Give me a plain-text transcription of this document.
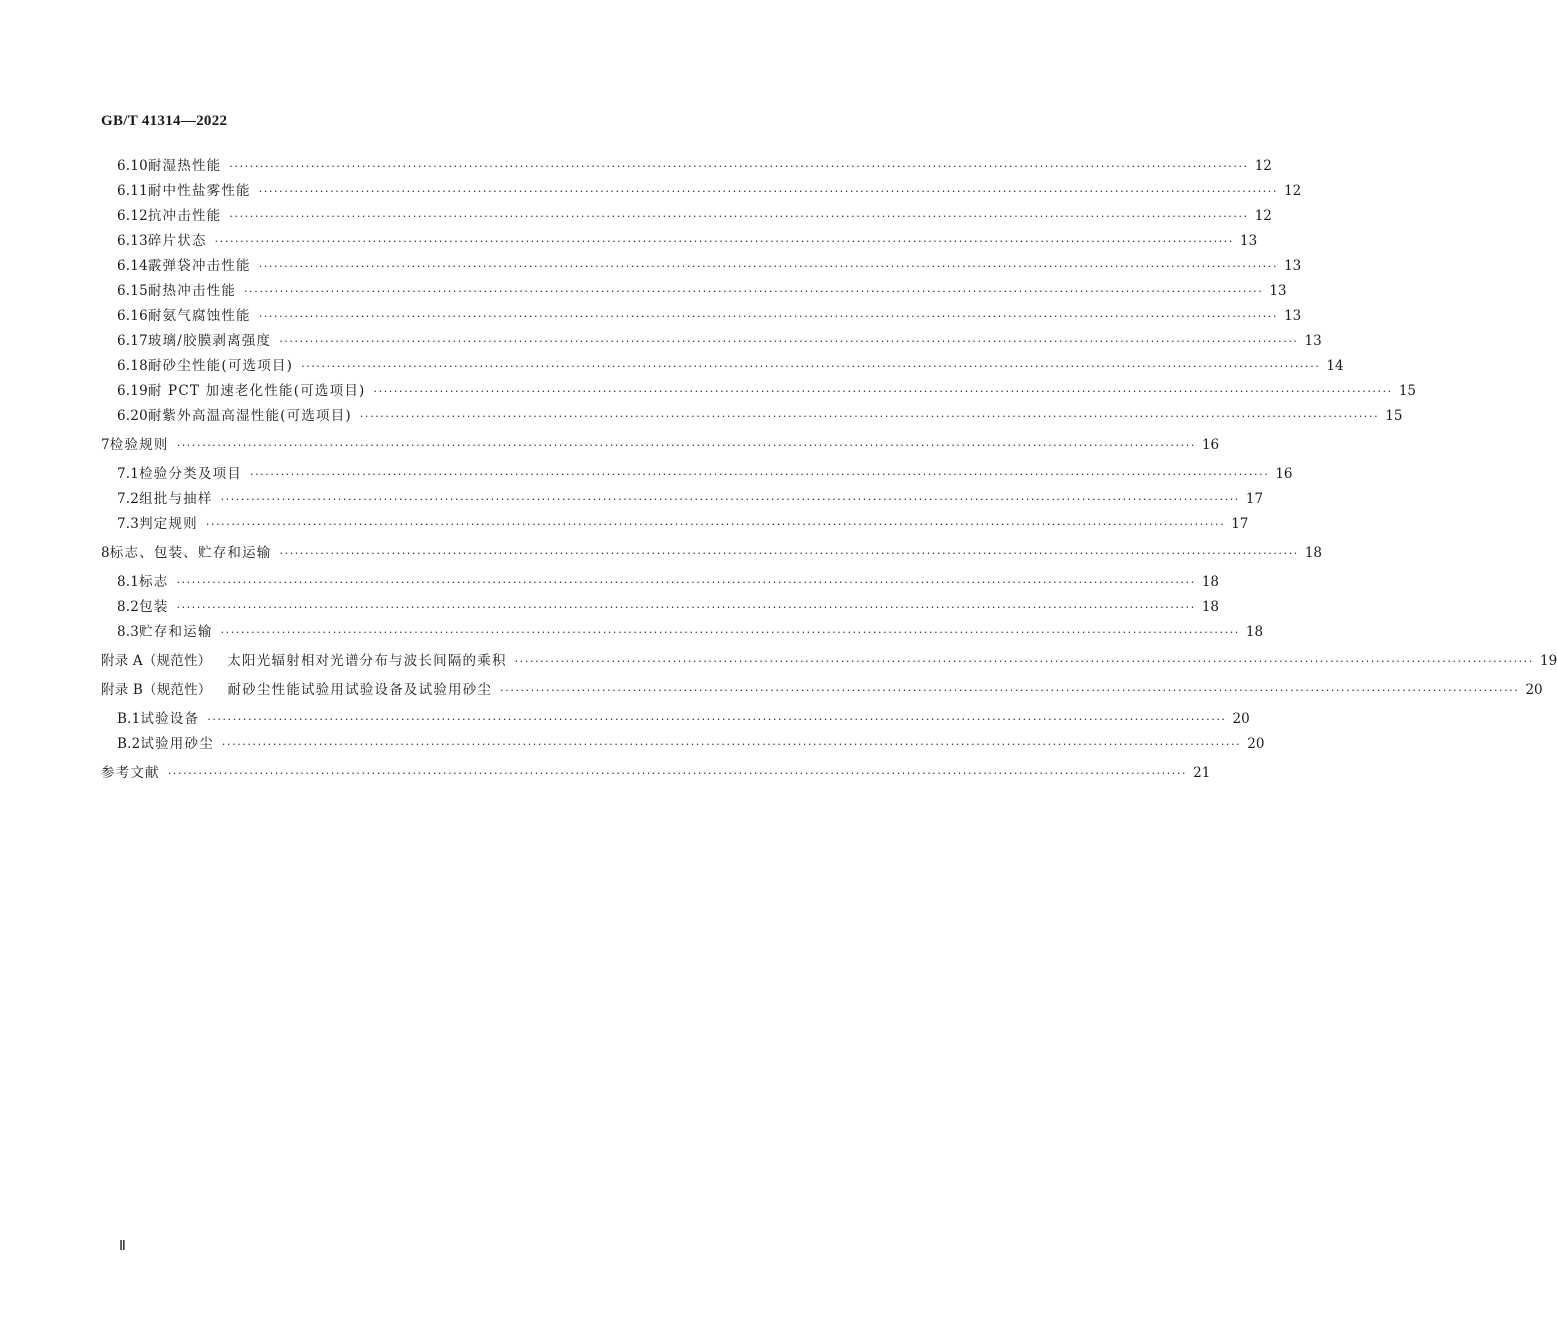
GB/T 41314—2022
6.10 耐湿热性能 ········································································································································································································ 12
6.11 耐中性盐雾性能 ········································································································································································································ 12
6.12 抗冲击性能 ········································································································································································································ 12
6.13 碎片状态 ········································································································································································································ 13
6.14 霰弹袋冲击性能 ········································································································································································································ 13
6.15 耐热冲击性能 ········································································································································································································ 13
6.16 耐氨气腐蚀性能 ········································································································································································································ 13
6.17 玻璃/胶膜剥离强度 ········································································································································································································ 13
6.18 耐砂尘性能(可选项目) ········································································································································································································ 14
6.19 耐 PCT 加速老化性能(可选项目) ········································································································································································································ 15
6.20 耐紫外高温高湿性能(可选项目) ········································································································································································································ 15
7 检验规则 ········································································································································································································ 16
7.1 检验分类及项目 ········································································································································································································ 16
7.2 组批与抽样 ········································································································································································································ 17
7.3 判定规则 ········································································································································································································ 17
8 标志、包装、贮存和运输 ········································································································································································································ 18
8.1 标志 ········································································································································································································ 18
8.2 包装 ········································································································································································································ 18
8.3 贮存和运输 ········································································································································································································ 18
附录 A（规范性） 太阳光辐射相对光谱分布与波长间隔的乘积 ········································································································································································································ 19
附录 B（规范性） 耐砂尘性能试验用试验设备及试验用砂尘 ········································································································································································································ 20
B.1 试验设备 ········································································································································································································ 20
B.2 试验用砂尘 ········································································································································································································ 20
参考文献 ········································································································································································································ 21
Ⅱ
